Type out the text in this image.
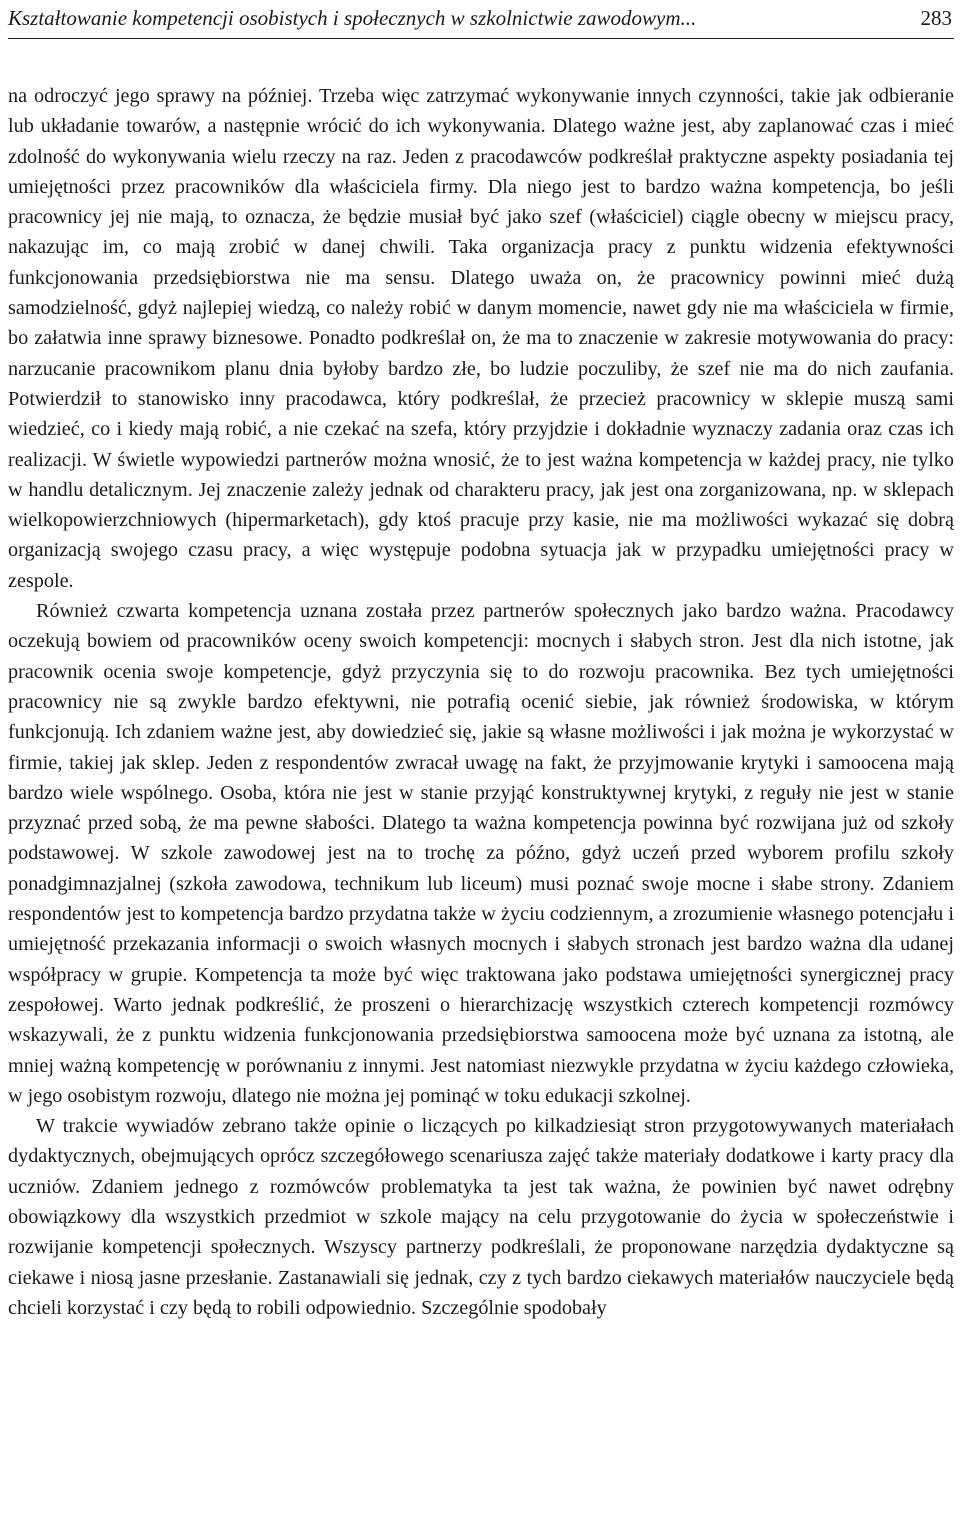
Kształtowanie kompetencji osobistych i społecznych w szkolnictwie zawodowym...	283

na odroczyć jego sprawy na później. Trzeba więc zatrzymać wykonywanie innych czynności, takie jak odbieranie lub układanie towarów, a następnie wrócić do ich wykonywania. Dlatego ważne jest, aby zaplanować czas i mieć zdolność do wykonywania wielu rzeczy na raz. Jeden z pracodawców podkreślał praktyczne aspekty posiadania tej umiejętności przez pracowników dla właściciela firmy. Dla niego jest to bardzo ważna kompetencja, bo jeśli pracownicy jej nie mają, to oznacza, że będzie musiał być jako szef (właściciel) ciągle obecny w miejscu pracy, nakazując im, co mają zrobić w danej chwili. Taka organizacja pracy z punktu widzenia efektywności funkcjonowania przedsiębiorstwa nie ma sensu. Dlatego uważa on, że pracownicy powinni mieć dużą samodzielność, gdyż najlepiej wiedzą, co należy robić w danym momencie, nawet gdy nie ma właściciela w firmie, bo załatwia inne sprawy biznesowe. Ponadto podkreślał on, że ma to znaczenie w zakresie motywowania do pracy: narzucanie pracownikom planu dnia byłoby bardzo złe, bo ludzie poczuliby, że szef nie ma do nich zaufania. Potwierdził to stanowisko inny pracodawca, który podkreślał, że przecież pracownicy w sklepie muszą sami wiedzieć, co i kiedy mają robić, a nie czekać na szefa, który przyjdzie i dokładnie wyznaczy zadania oraz czas ich realizacji. W świetle wypowiedzi partnerów można wnosić, że to jest ważna kompetencja w każdej pracy, nie tylko w handlu detalicznym. Jej znaczenie zależy jednak od charakteru pracy, jak jest ona zorganizowana, np. w sklepach wielkopowierzchniowych (hipermarketach), gdy ktoś pracuje przy kasie, nie ma możliwości wykazać się dobrą organizacją swojego czasu pracy, a więc występuje podobna sytuacja jak w przypadku umiejętności pracy w zespole.

Również czwarta kompetencja uznana została przez partnerów społecznych jako bardzo ważna. Pracodawcy oczekują bowiem od pracowników oceny swoich kompetencji: mocnych i słabych stron. Jest dla nich istotne, jak pracownik ocenia swoje kompetencje, gdyż przyczynia się to do rozwoju pracownika. Bez tych umiejętności pracownicy nie są zwykle bardzo efektywni, nie potrafią ocenić siebie, jak również środowiska, w którym funkcjonują. Ich zdaniem ważne jest, aby dowiedzieć się, jakie są własne możliwości i jak można je wykorzystać w firmie, takiej jak sklep. Jeden z respondentów zwracał uwagę na fakt, że przyjmowanie krytyki i samoocena mają bardzo wiele wspólnego. Osoba, która nie jest w stanie przyjąć konstruktywnej krytyki, z reguły nie jest w stanie przyznać przed sobą, że ma pewne słabości. Dlatego ta ważna kompetencja powinna być rozwijana już od szkoły podstawowej. W szkole zawodowej jest na to trochę za późno, gdyż uczeń przed wyborem profilu szkoły ponadgimnazjalnej (szkoła zawodowa, technikum lub liceum) musi poznać swoje mocne i słabe strony. Zdaniem respondentów jest to kompetencja bardzo przydatna także w życiu codziennym, a zrozumienie własnego potencjału i umiejętność przekazania informacji o swoich własnych mocnych i słabych stronach jest bardzo ważna dla udanej współpracy w grupie. Kompetencja ta może być więc traktowana jako podstawa umiejętności synergicznej pracy zespołowej. Warto jednak podkreślić, że proszeni o hierarchizację wszystkich czterech kompetencji rozmówcy wskazywali, że z punktu widzenia funkcjonowania przedsiębiorstwa samoocena może być uznana za istotną, ale mniej ważną kompetencję w porównaniu z innymi. Jest natomiast niezwykle przydatna w życiu każdego człowieka, w jego osobistym rozwoju, dlatego nie można jej pominąć w toku edukacji szkolnej.

W trakcie wywiadów zebrano także opinie o liczących po kilkadziesiąt stron przygotowywanych materiałach dydaktycznych, obejmujących oprócz szczegółowego scenariusza zajęć także materiały dodatkowe i karty pracy dla uczniów. Zdaniem jednego z rozmówców problematyka ta jest tak ważna, że powinien być nawet odrębny obowiązkowy dla wszystkich przedmiot w szkole mający na celu przygotowanie do życia w społeczeństwie i rozwijanie kompetencji społecznych. Wszyscy partnerzy podkreślali, że proponowane narzędzia dydaktyczne są ciekawe i niosą jasne przesłanie. Zastanawiali się jednak, czy z tych bardzo ciekawych materiałów nauczyciele będą chcieli korzystać i czy będą to robili odpowiednio. Szczególnie spodobały
